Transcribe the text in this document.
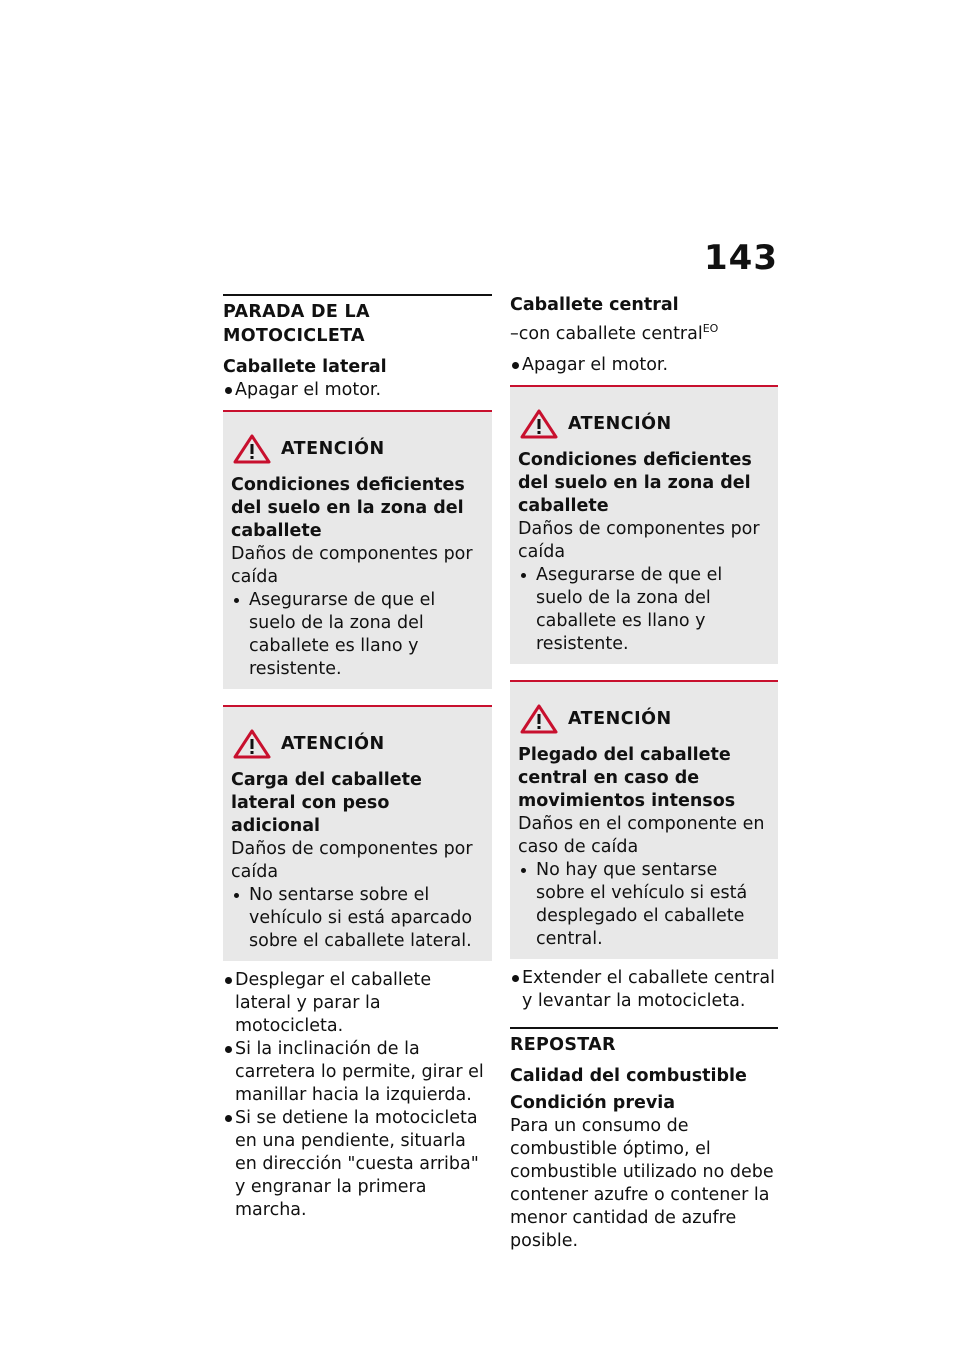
143
PARADA DE LA MOTOCICLETA
Caballete lateral
Apagar el motor.
ATENCIÓN
Condiciones deficientes del suelo en la zona del caballete
Daños de componentes por caída
Asegurarse de que el suelo de la zona del caballete es llano y resistente.
ATENCIÓN
Carga del caballete lateral con peso adicional
Daños de componentes por caída
No sentarse sobre el vehículo si está aparcado sobre el caballete lateral.
Desplegar el caballete lateral y parar la motocicleta.
Si la inclinación de la carretera lo permite, girar el manillar hacia la izquierda.
Si se detiene la motocicleta en una pendiente, situarla en dirección "cuesta arriba" y engranar la primera marcha.
Caballete central
–con caballete central$^{EO}$
Apagar el motor.
ATENCIÓN
Condiciones deficientes del suelo en la zona del caballete
Daños de componentes por caída
Asegurarse de que el suelo de la zona del caballete es llano y resistente.
ATENCIÓN
Plegado del caballete central en caso de movimientos intensos
Daños en el componente en caso de caída
No hay que sentarse sobre el vehículo si está desplegado el caballete central.
Extender el caballete central y levantar la motocicleta.
REPOSTAR
Calidad del combustible
Condición previa
Para un consumo de combustible óptimo, el combustible utilizado no debe contener azufre o contener la menor cantidad de azufre posible.
